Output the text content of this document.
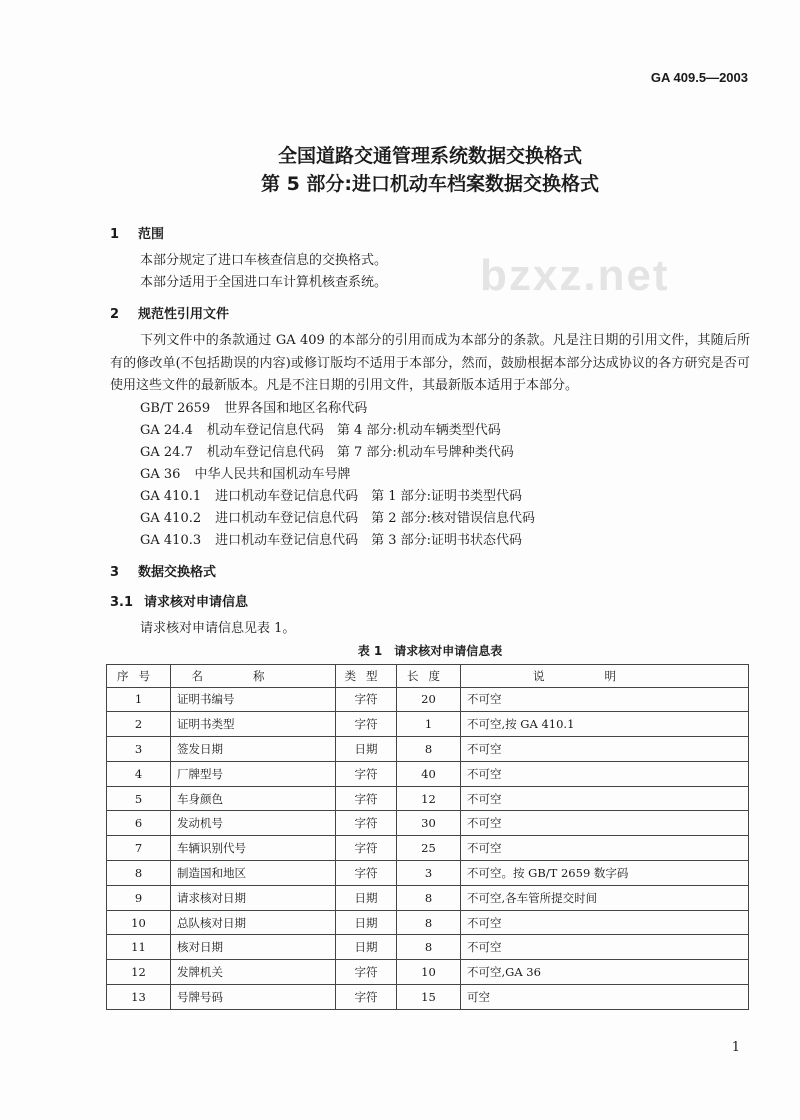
GA 409.5—2003
bzxz.net
全国道路交通管理系统数据交换格式
第 5 部分:进口机动车档案数据交换格式
1 范围
本部分规定了进口车核查信息的交换格式。
本部分适用于全国进口车计算机核查系统。
2 规范性引用文件
下列文件中的条款通过 GA 409 的本部分的引用而成为本部分的条款。凡是注日期的引用文件，其随后所有的修改单(不包括勘误的内容)或修订版均不适用于本部分，然而，鼓励根据本部分达成协议的各方研究是否可使用这些文件的最新版本。凡是不注日期的引用文件，其最新版本适用于本部分。
GB/T 2659 世界各国和地区名称代码
GA 24.4 机动车登记信息代码　第 4 部分:机动车辆类型代码
GA 24.7 机动车登记信息代码　第 7 部分:机动车号牌种类代码
GA 36 中华人民共和国机动车号牌
GA 410.1 进口机动车登记信息代码　第 1 部分:证明书类型代码
GA 410.2 进口机动车登记信息代码　第 2 部分:核对错误信息代码
GA 410.3 进口机动车登记信息代码　第 3 部分:证明书状态代码
3 数据交换格式
3.1 请求核对申请信息
请求核对申请信息见表 1。
表 1　请求核对申请信息表
序号	名称	类型	长度	说明
1	证明书编号	字符	20	不可空
2	证明书类型	字符	1	不可空,按 GA 410.1
3	签发日期	日期	8	不可空
4	厂牌型号	字符	40	不可空
5	车身颜色	字符	12	不可空
6	发动机号	字符	30	不可空
7	车辆识别代号	字符	25	不可空
8	制造国和地区	字符	3	不可空。按 GB/T 2659 数字码
9	请求核对日期	日期	8	不可空,各车管所提交时间
10	总队核对日期	日期	8	不可空
11	核对日期	日期	8	不可空
12	发牌机关	字符	10	不可空,GA 36
13	号牌号码	字符	15	可空
1
